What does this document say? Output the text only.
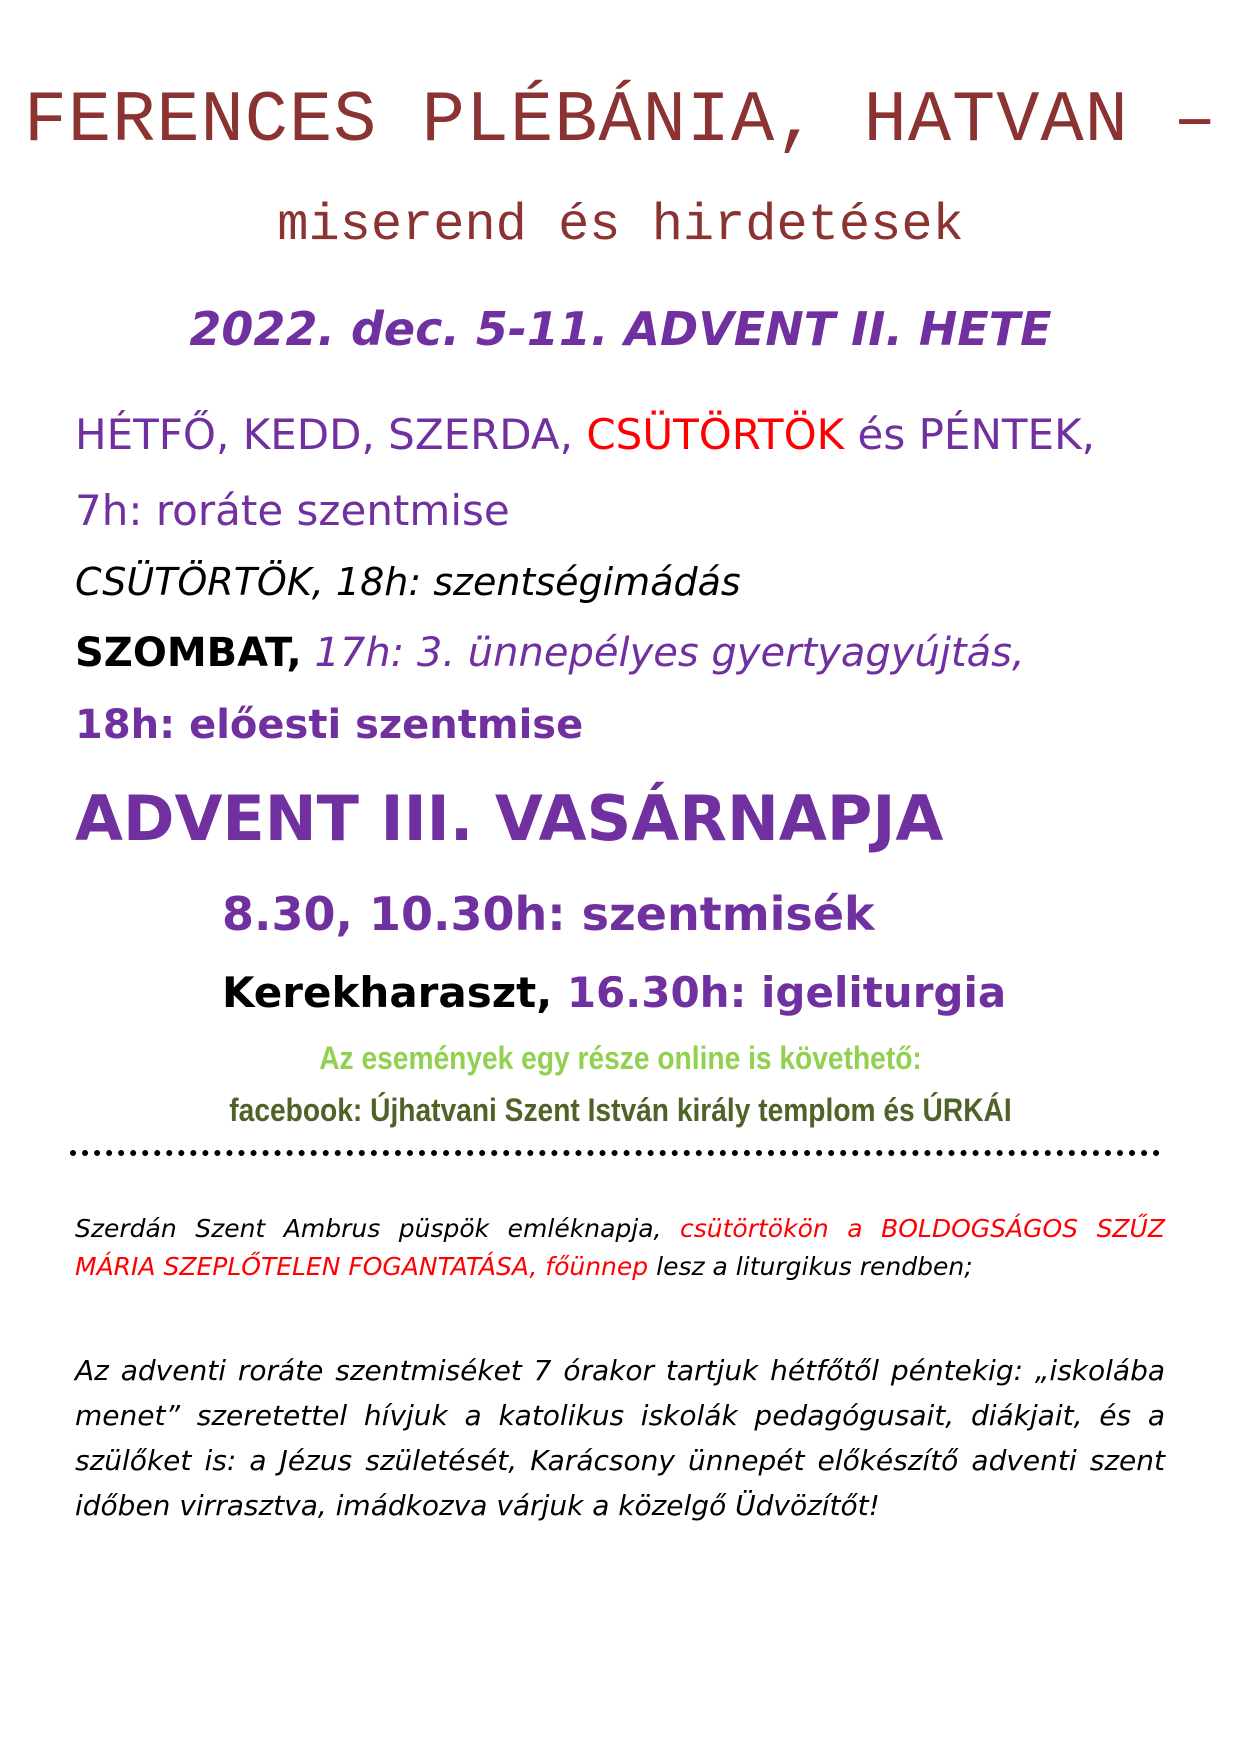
FERENCES PLÉBÁNIA, HATVAN –
miserend és hirdetések
2022. dec. 5-11. ADVENT II. HETE
HÉTFŐ, KEDD, SZERDA, CSÜTÖRTÖK és PÉNTEK,
7h: roráte szentmise
CSÜTÖRTÖK, 18h: szentségimádás
SZOMBAT, 17h: 3. ünnepélyes gyertyagyújtás,
18h: előesti szentmise
ADVENT III. VASÁRNAPJA
8.30, 10.30h: szentmisék
Kerekharaszt, 16.30h: igeliturgia
Az események egy része online is követhető:
facebook: Újhatvani Szent István király templom és ÚRKÁI
Szerdán Szent Ambrus püspök emléknapja, csütörtökön a BOLDOGSÁGOS SZŰZ MÁRIA SZEPLŐTELEN FOGANTATÁSA, főünnep lesz a liturgikus rendben;
Az adventi roráte szentmiséket 7 órakor tartjuk hétfőtől péntekig: „iskolába menet” szeretettel hívjuk a katolikus iskolák pedagógusait, diákjait, és a szülőket is: a Jézus születését, Karácsony ünnepét előkészítő adventi szent időben virrasztva, imádkozva várjuk a közelgő Üdvözítőt!
